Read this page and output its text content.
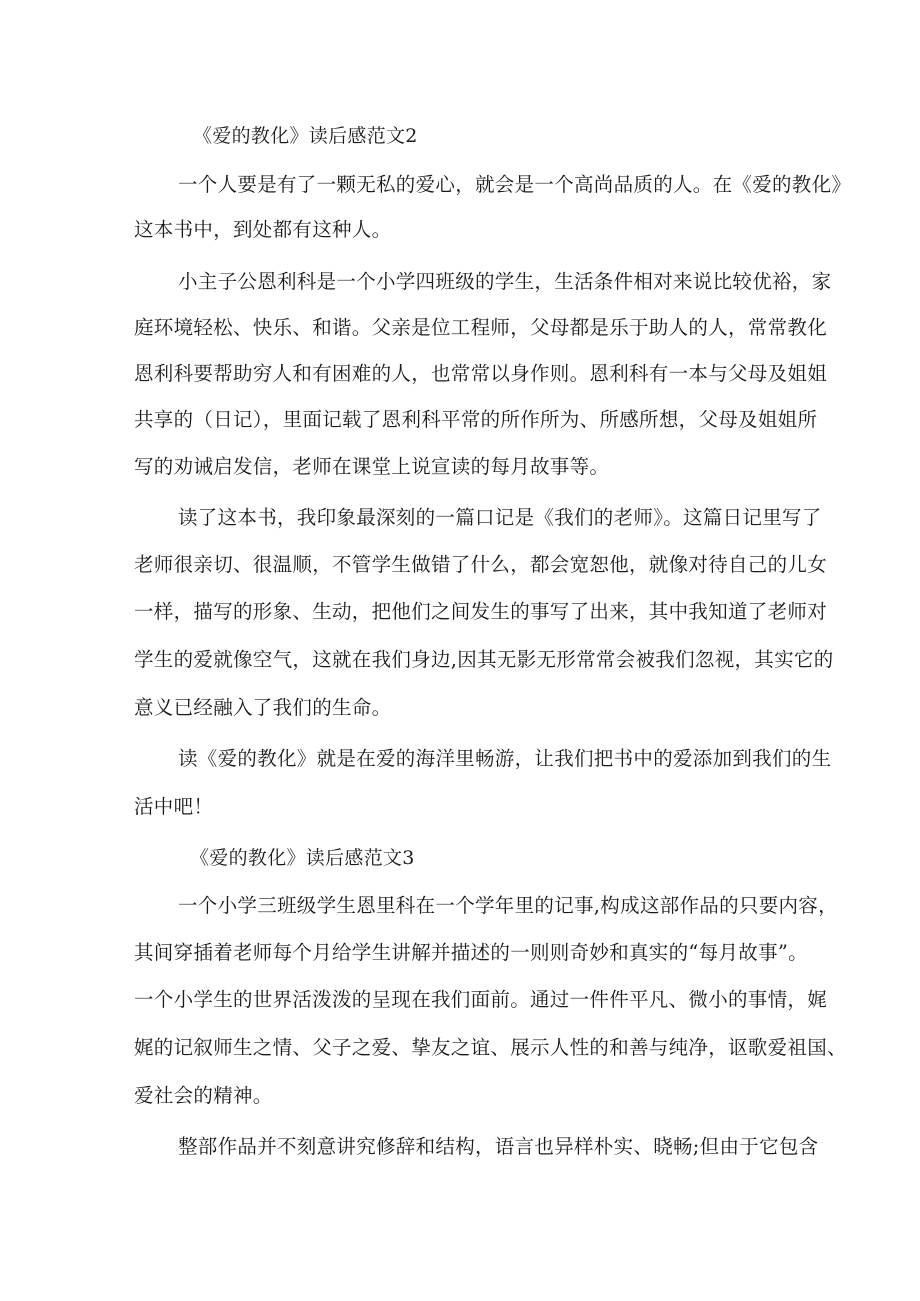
《爱的教化》读后感范文2
一个人要是有了一颗无私的爱心，就会是一个高尚品质的人。在《爱的教化》
这本书中，到处都有这种人。
小主子公恩利科是一个小学四班级的学生，生活条件相对来说比较优裕，家
庭环境轻松、快乐、和谐。父亲是位工程师，父母都是乐于助人的人，常常教化
恩利科要帮助穷人和有困难的人，也常常以身作则。恩利科有一本与父母及姐姐
共享的（日记），里面记载了恩利科平常的所作所为、所感所想，父母及姐姐所
写的劝诫启发信，老师在课堂上说宣读的每月故事等。
读了这本书，我印象最深刻的一篇口记是《我们的老师》。这篇日记里写了
老师很亲切、很温顺，不管学生做错了什么，都会宽恕他，就像对待自己的儿女
一样，描写的形象、生动，把他们之间发生的事写了出来，其中我知道了老师对
学生的爱就像空气，这就在我们身边,因其无影无形常常会被我们忽视，其实它的
意义已经融入了我们的生命。
读《爱的教化》就是在爱的海洋里畅游，让我们把书中的爱添加到我们的生
活中吧！
《爱的教化》读后感范文3
一个小学三班级学生恩里科在一个学年里的记事,构成这部作品的只要内容，
其间穿插着老师每个月给学生讲解并描述的一则则奇妙和真实的“每月故事”。
一个小学生的世界活泼泼的呈现在我们面前。通过一件件平凡、微小的事情，娓
娓的记叙师生之情、父子之爱、挚友之谊、展示人性的和善与纯净，讴歌爱祖国、
爱社会的精神。
整部作品并不刻意讲究修辞和结构，语言也异样朴实、晓畅;但由于它包含
